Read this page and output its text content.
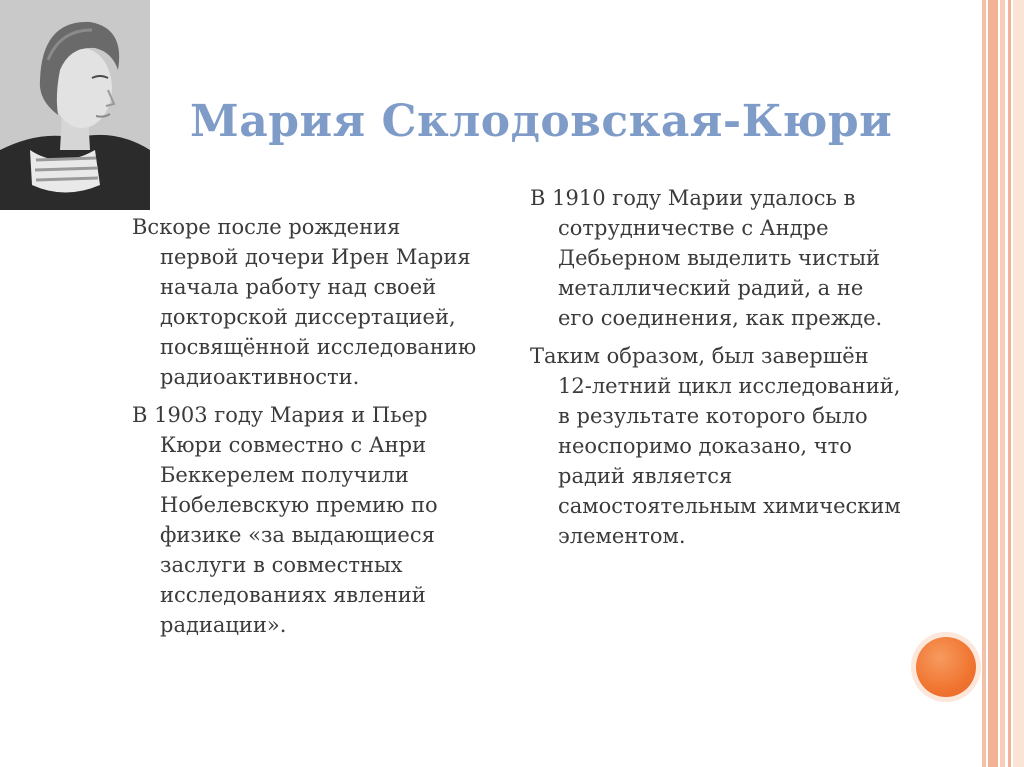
Мария Склодовская-Кюри

Вскоре после рождения первой дочери Ирен Мария начала работу над своей докторской диссертацией, посвящённой исследованию радиоактивности.

В 1903 году Мария и Пьер Кюри совместно с Анри Беккерелем получили Нобелевскую премию по физике «за выдающиеся заслуги в совместных исследованиях явлений радиации».

В 1910 году Марии удалось в сотрудничестве с Андре Дебьерном выделить чистый металлический радий, а не его соединения, как прежде.

Таким образом, был завершён 12-летний цикл исследований, в результате которого было неоспоримо доказано, что радий является самостоятельным химическим элементом.
